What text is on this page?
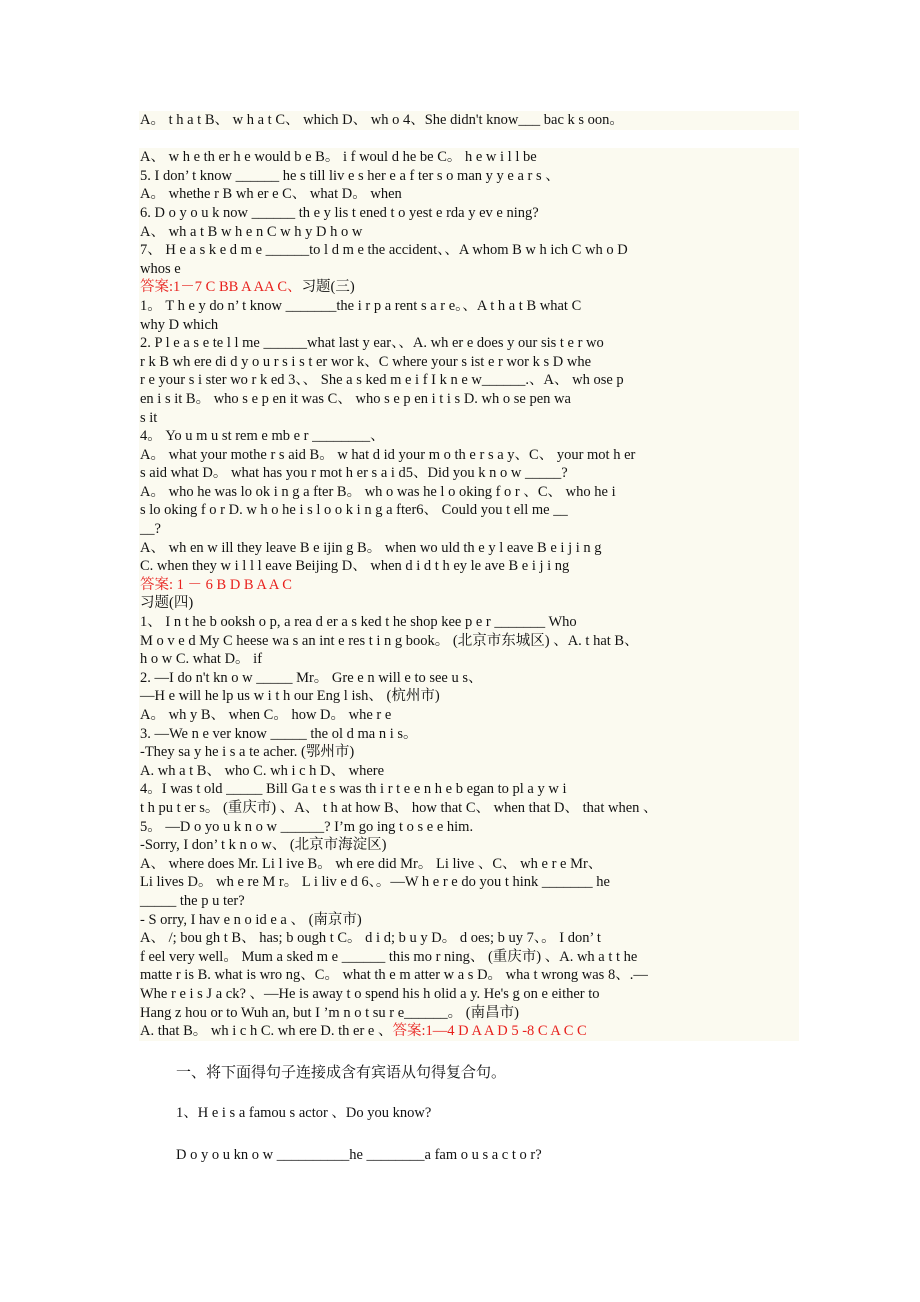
A。 t h a t B、 w h a t C、 which D、 wh o 4、She didn't know___ bac k s oon。
A、 w h e th er h e would b e B。 i f woul d he be C。 h e w i l l be
5. I don’ t know ______ he s till liv e s her e a f ter s o man y y e a r s 、
A。 whethe r B wh er e C、 what D。 when
6. D o y o u k now ______ th e y lis t ened t o yest e rda y ev e ning?
A、 wh a t B w h e n C w h y D h o w
7、 H e a s k e d m e ______to l d m e the accident、、A whom B w h ich C wh o D
whos e
答案:1－7 C BB A AA C、习题(三)
1。 T h e y do n’ t know _______the i r p a rent s a r e。、A t h a t B what C
why D which
2. P l e a s e te l l me ______what last y ear、、A. wh er e does y our sis t e r wo
r k B wh ere di d y o u r s i s t er wor k、C where your s ist e r wor k s D whe
r e your s i ster wo r k ed 3、、 She a s ked m e i f I k n e w______.、A、 wh ose p
en i s it B。 who s e p en it was C、 who s e p en i t i s D. wh o se pen wa
s it
4。 Yo u m u st rem e mb e r ________、
A。 what your mothe r s aid B。 w hat d id your m o th e r s a y、C、 your mot h er
s aid what D。 what has you r mot h er s a i d5、Did you k n o w _____?
A。 who he was lo ok i n g a fter B。 wh o was he l o oking f o r 、C、 who he i
s lo oking f o r D. w h o he i s l o o k i n g a fter6、 Could you t ell me __
__?
A、 wh en w ill they leave B e ijin g B。 when wo uld th e y l eave B e i j i n g
C. when they w i l l l eave Beijing D、 when d i d t h ey le ave B e i j i ng
答案: 1 － 6 B D B A A C
习题(四)
1、 I n t he b ooksh o p, a rea d er a s ked t he shop kee p e r _______ Who
M o v e d My C heese wa s an int e res t i n g book。 (北京市东城区) 、A. t hat B、
h o w C. what D。 if
2. —I do n't kn o w _____ Mr。 Gre e n will e to see u s、
—H e will he lp us w i t h our Eng l ish、 (杭州市)
A。 wh y B、 when C。 how D。 whe r e
3. —We n e ver know _____ the ol d ma n i s。
-They sa y he i s a te acher. (鄂州市)
A. wh a t B、 who C. wh i c h D、 where
4。I was t old _____ Bill Ga t e s was th i r t e e n h e b egan to pl a y w i
t h pu t er s。 (重庆市) 、A、 t h at how B、 how that C、 when that D、 that when 、
5。 —D o yo u k n o w ______? I’m go ing t o s e e him.
-Sorry, I don’ t k n o w、 (北京市海淀区)
A、 where does Mr. Li l ive B。 wh ere did Mr。 Li live 、C、 wh e r e Mr、
Li lives D。 wh e re M r。 L i liv e d 6、。—W h e r e do you t hink _______ he
_____ the p u ter?
- S orry, I hav e n o id e a 、 (南京市)
A、 /; bou gh t B、 has; b ough t C。 d i d; b u y D。 d oes; b uy 7、。 I don’ t
f eel very well。 Mum a sked m e ______ this mo r ning、 (重庆市) 、A. wh a t t he
matte r is B. what is wro ng、C。 what th e m atter w a s D。 wha t wrong was 8、.—
Whe r e i s J a ck? 、—He is away t o spend his h olid a y. He's g on e either to
Hang z hou or to Wuh an, but I ’m n o t su r e______。 (南昌市)
A. that B。 wh i c h C. wh ere D. th er e 、答案:1—4 D A A D 5 -8 C A C C
一、将下面得句子连接成含有宾语从句得复合句。
1、H e i s a famou s actor 、Do you know?
D o y o u kn o w __________he ________a fam o u s a c t o r?
